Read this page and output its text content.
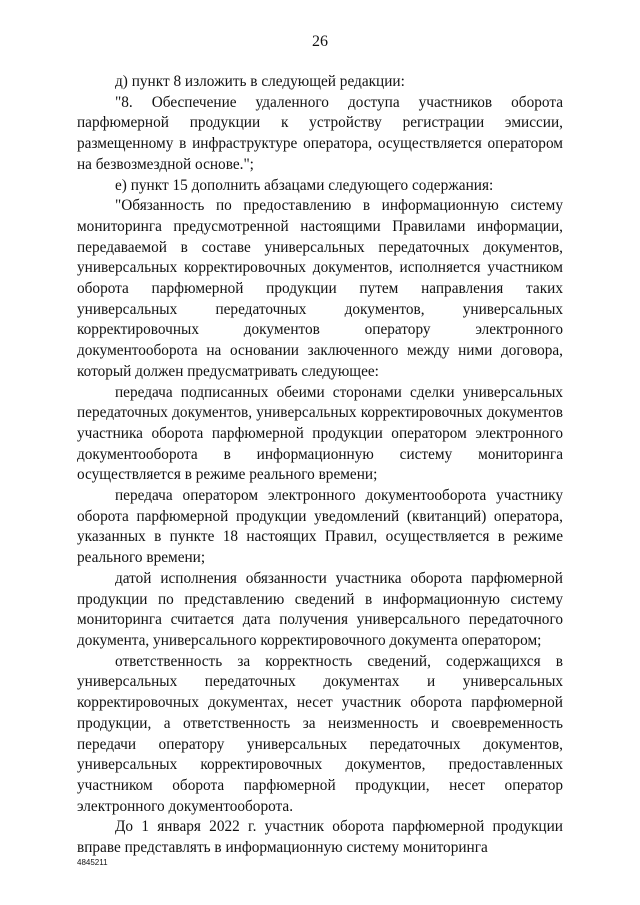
26

д) пункт 8 изложить в следующей редакции:

"8. Обеспечение удаленного доступа участников оборота парфюмерной продукции к устройству регистрации эмиссии, размещенному в инфраструктуре оператора, осуществляется оператором на безвозмездной основе.";

е) пункт 15 дополнить абзацами следующего содержания:

"Обязанность по предоставлению в информационную систему мониторинга предусмотренной настоящими Правилами информации, передаваемой в составе универсальных передаточных документов, универсальных корректировочных документов, исполняется участником оборота парфюмерной продукции путем направления таких универсальных передаточных документов, универсальных корректировочных документов оператору электронного документооборота на основании заключенного между ними договора, который должен предусматривать следующее:

передача подписанных обеими сторонами сделки универсальных передаточных документов, универсальных корректировочных документов участника оборота парфюмерной продукции оператором электронного документооборота в информационную систему мониторинга осуществляется в режиме реального времени;

передача оператором электронного документооборота участнику оборота парфюмерной продукции уведомлений (квитанций) оператора, указанных в пункте 18 настоящих Правил, осуществляется в режиме реального времени;

датой исполнения обязанности участника оборота парфюмерной продукции по представлению сведений в информационную систему мониторинга считается дата получения универсального передаточного документа, универсального корректировочного документа оператором;

ответственность за корректность сведений, содержащихся в универсальных передаточных документах и универсальных корректировочных документах, несет участник оборота парфюмерной продукции, а ответственность за неизменность и своевременность передачи оператору универсальных передаточных документов, универсальных корректировочных документов, предоставленных участником оборота парфюмерной продукции, несет оператор электронного документооборота.

До 1 января 2022 г. участник оборота парфюмерной продукции вправе представлять в информационную систему мониторинга

4845211
